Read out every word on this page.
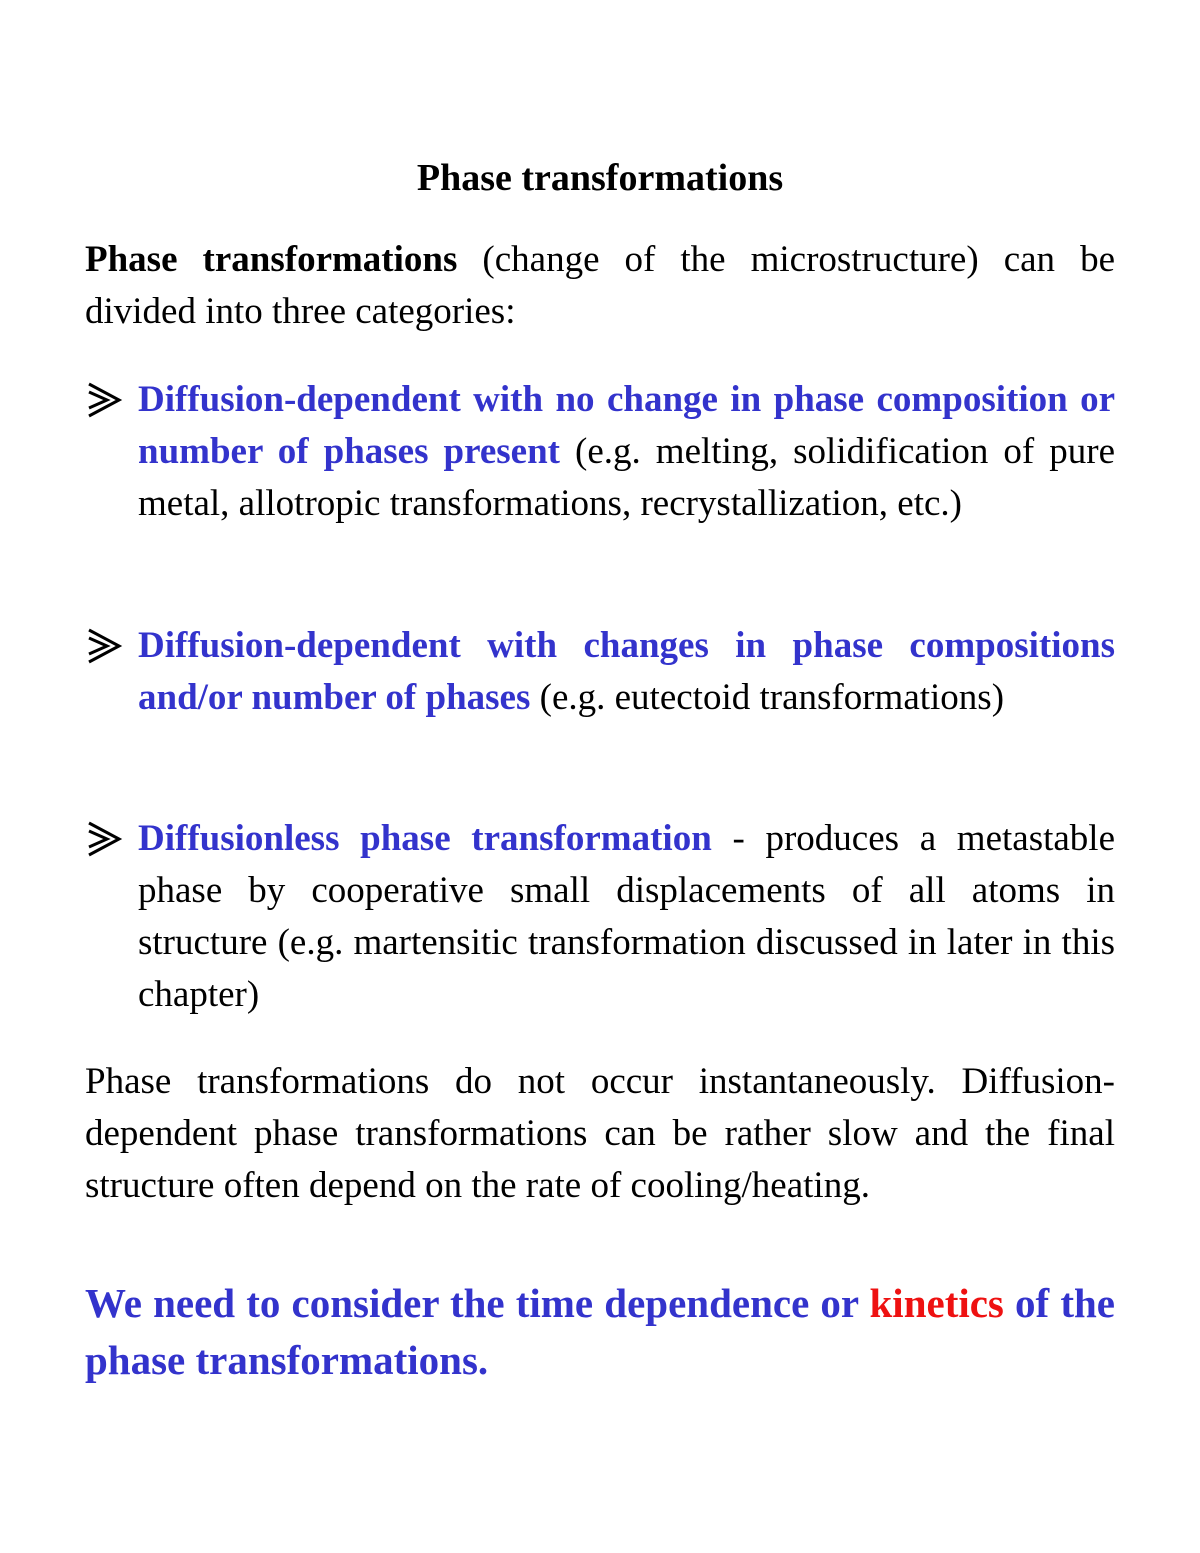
Phase transformations
Phase transformations (change of the microstructure) can be divided into three categories:
Diffusion-dependent with no change in phase composition or number of phases present (e.g. melting, solidification of pure metal, allotropic transformations, recrystallization, etc.)
Diffusion-dependent with changes in phase compositions and/or number of phases (e.g. eutectoid transformations)
Diffusionless phase transformation - produces a metastable phase by cooperative small displacements of all atoms in structure (e.g. martensitic transformation discussed in later in this chapter)
Phase transformations do not occur instantaneously. Diffusion-dependent phase transformations can be rather slow and the final structure often depend on the rate of cooling/heating.
We need to consider the time dependence or kinetics of the phase transformations.
